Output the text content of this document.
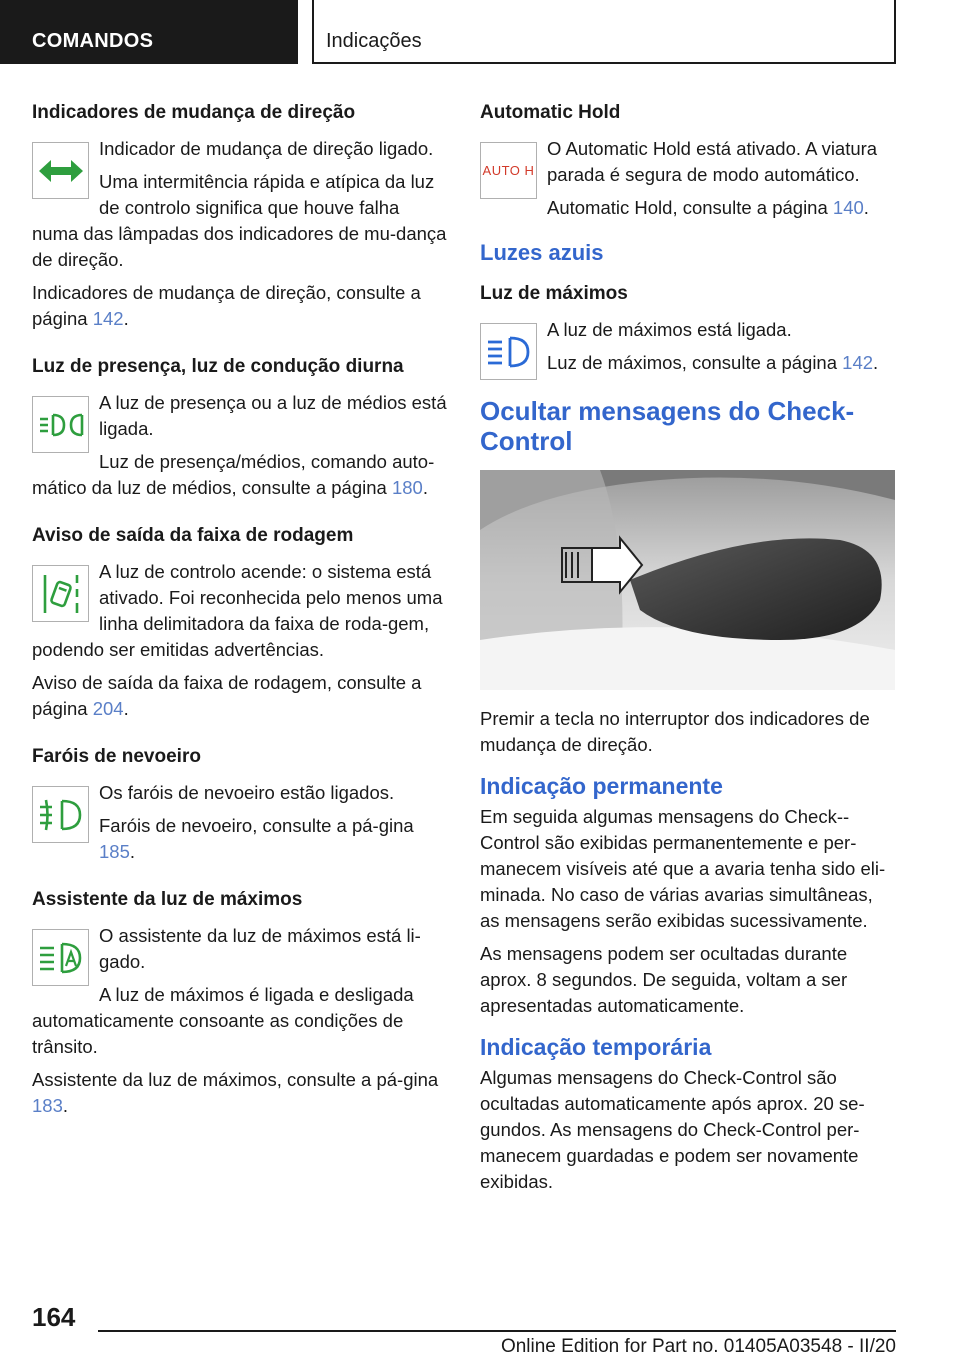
COMANDOS	Indicações
Indicadores de mudança de direção

Indicador de mudança de direção ligado.

Uma intermitência rápida e atípica da luz de controlo significa que houve falha numa das lâmpadas dos indicadores de mu‐dança de direção.

Indicadores de mudança de direção, consulte a página 142.

Luz de presença, luz de condução diurna

A luz de presença ou a luz de médios está ligada.

Luz de presença/médios, comando auto‐mático da luz de médios, consulte a página 180.

Aviso de saída da faixa de rodagem

A luz de controlo acende: o sistema está ativado. Foi reconhecida pelo menos uma linha delimitadora da faixa de roda‐gem, podendo ser emitidas advertências.

Aviso de saída da faixa de rodagem, consulte a página 204.

Faróis de nevoeiro

Os faróis de nevoeiro estão ligados.

Faróis de nevoeiro, consulte a pá‐gina 185.

Assistente da luz de máximos

O assistente da luz de máximos está li‐gado.

A luz de máximos é ligada e desligada automaticamente consoante as condições de trânsito.

Assistente da luz de máximos, consulte a pá‐gina 183.

Automatic Hold
AUTO H

O Automatic Hold está ativado. A viatura parada é segura de modo automático.

Automatic Hold, consulte a página 140.

Luzes azuis
Luz de máximos

A luz de máximos está ligada.

Luz de máximos, consulte a página 142.

Ocultar mensagens do Check-Control

Premir a tecla no interruptor dos indicadores de mudança de direção.

Indicação permanente

Em seguida algumas mensagens do Check‐-Control são exibidas permanentemente e per‐manecem visíveis até que a avaria tenha sido eli‐minada. No caso de várias avarias simultâneas, as mensagens serão exibidas sucessivamente.

As mensagens podem ser ocultadas durante aprox. 8 segundos. De seguida, voltam a ser apresentadas automaticamente.

Indicação temporária

Algumas mensagens do Check-Control são ocultadas automaticamente após aprox. 20 se‐gundos. As mensagens do Check-Control per‐manecem guardadas e podem ser novamente exibidas.

164
Online Edition for Part no. 01405A03548 - II/20
